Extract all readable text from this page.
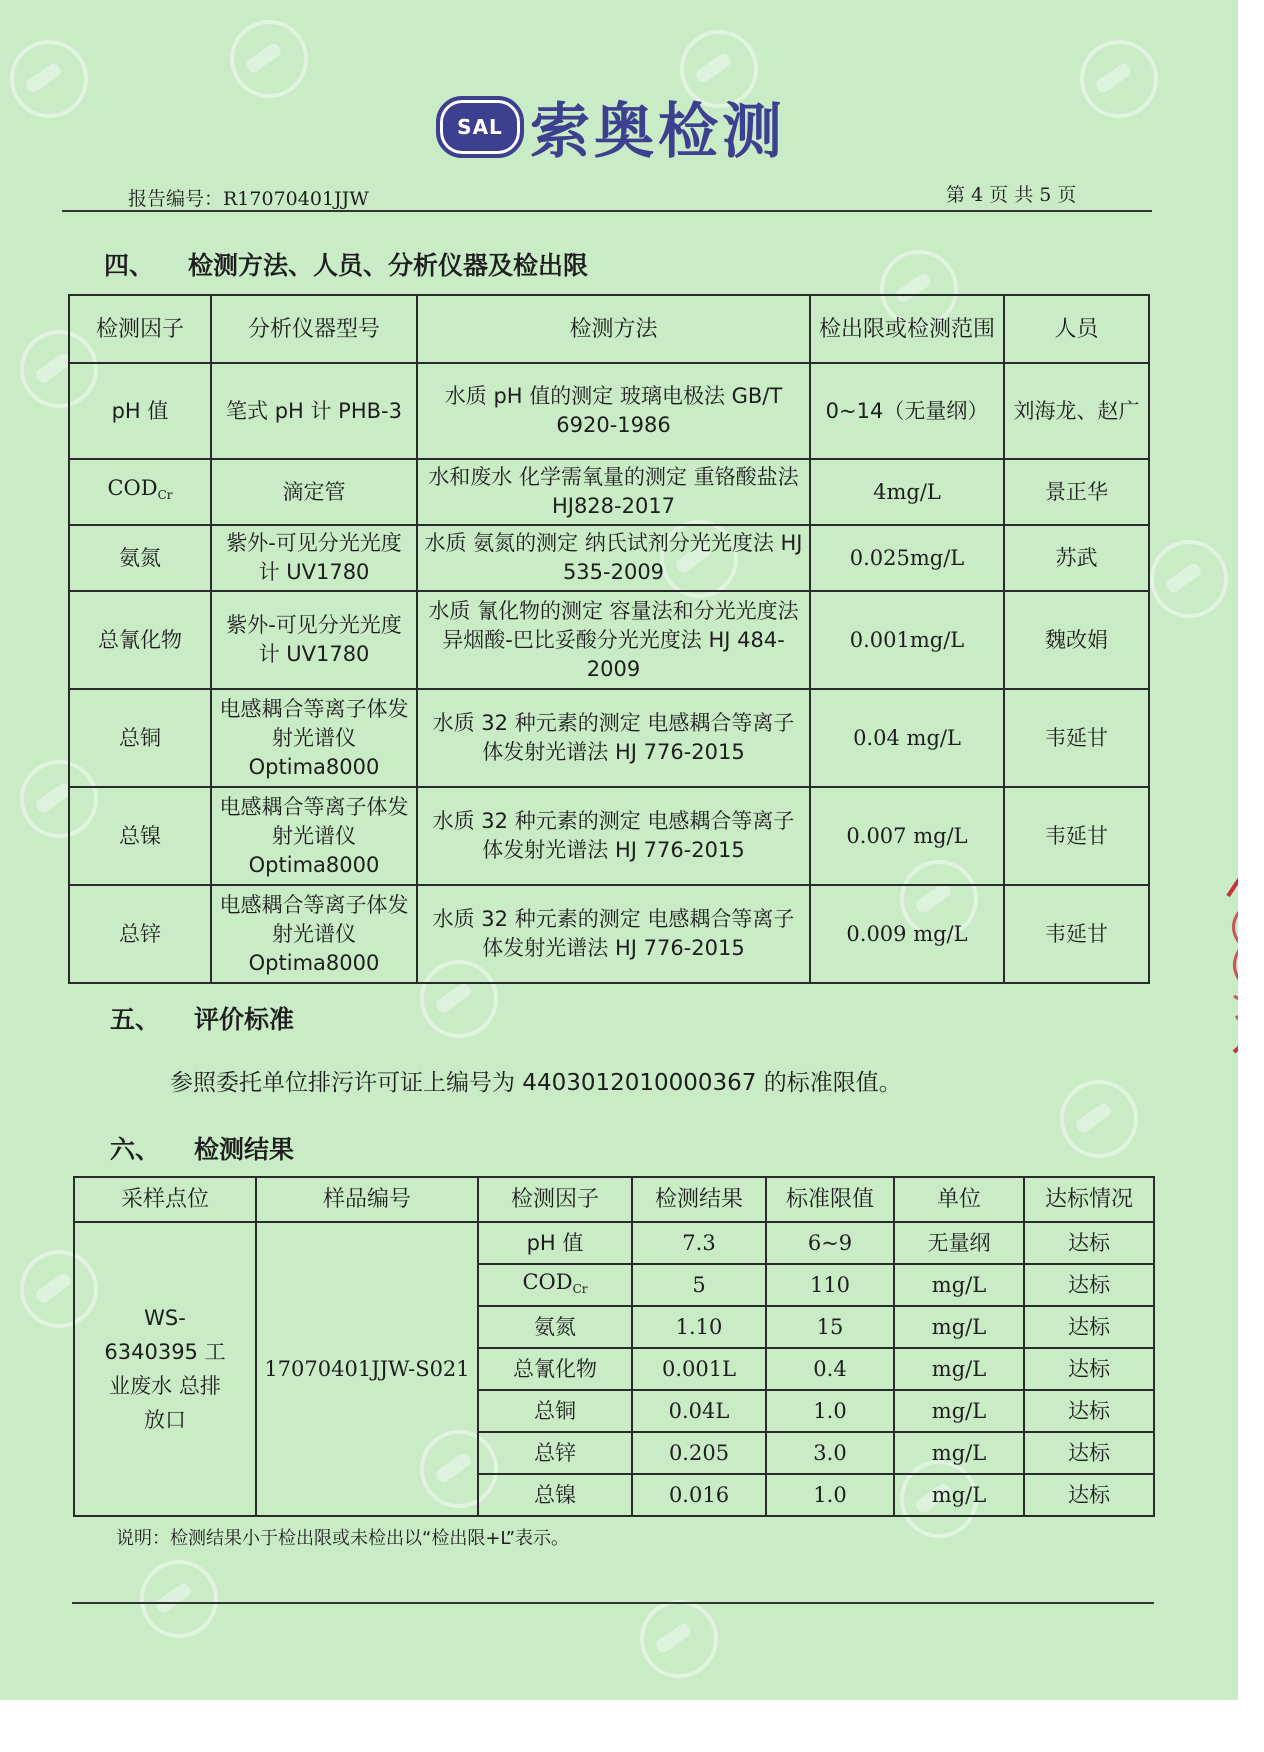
SAL 索奥检测
报告编号：R17070401JJW	第 4 页 共 5 页
四、 检测方法、人员、分析仪器及检出限
检测因子	分析仪器型号	检测方法	检出限或检测范围	人员
pH 值	笔式 pH 计 PHB-3	水质 pH 值的测定 玻璃电极法 GB/T 6920-1986	0~14（无量纲）	刘海龙、赵广
$COD_{Cr}$	滴定管	水和废水 化学需氧量的测定 重铬酸盐法 HJ828-2017	4mg/L	景正华
氨氮	紫外-可见分光光度计 UV1780	水质 氨氮的测定 纳氏试剂分光光度法 HJ 535-2009	0.025mg/L	苏武
总氰化物	紫外-可见分光光度计 UV1780	水质 氰化物的测定 容量法和分光光度法 异烟酸-巴比妥酸分光光度法 HJ 484-2009	0.001mg/L	魏改娟
总铜	电感耦合等离子体发射光谱仪 Optima8000	水质 32 种元素的测定 电感耦合等离子体发射光谱法 HJ 776-2015	0.04 mg/L	韦延甘
总镍	电感耦合等离子体发射光谱仪 Optima8000	水质 32 种元素的测定 电感耦合等离子体发射光谱法 HJ 776-2015	0.007 mg/L	韦延甘
总锌	电感耦合等离子体发射光谱仪 Optima8000	水质 32 种元素的测定 电感耦合等离子体发射光谱法 HJ 776-2015	0.009 mg/L	韦延甘
五、 评价标准
参照委托单位排污许可证上编号为 4403012010000367 的标准限值。
六、 检测结果
采样点位	样品编号	检测因子	检测结果	标准限值	单位	达标情况
WS-6340395 工业废水 总排放口	17070401JJW-S021	pH 值	7.3	6~9	无量纲	达标
		$COD_{Cr}$	5	110	mg/L	达标
		氨氮	1.10	15	mg/L	达标
		总氰化物	0.001L	0.4	mg/L	达标
		总铜	0.04L	1.0	mg/L	达标
		总锌	0.205	3.0	mg/L	达标
		总镍	0.016	1.0	mg/L	达标
说明：检测结果小于检出限或未检出以“检出限+L”表示。
